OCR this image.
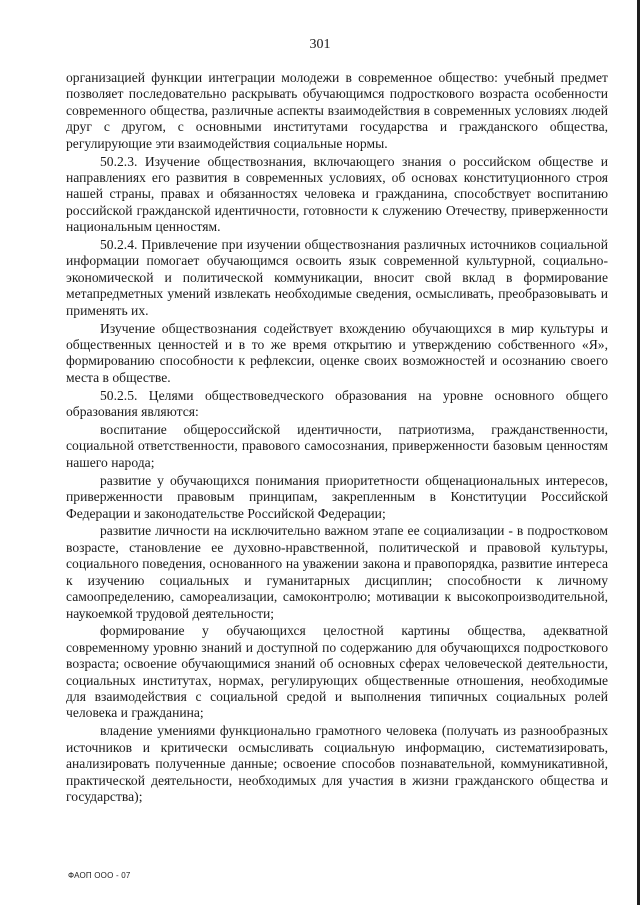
301

организацией функции интеграции молодежи в современное общество: учебный предмет позволяет последовательно раскрывать обучающимся подросткового возраста особенности современного общества, различные аспекты взаимодействия в современных условиях людей друг с другом, с основными институтами государства и гражданского общества, регулирующие эти взаимодействия социальные нормы.

50.2.3. Изучение обществознания, включающего знания о российском обществе и направлениях его развития в современных условиях, об основах конституционного строя нашей страны, правах и обязанностях человека и гражданина, способствует воспитанию российской гражданской идентичности, готовности к служению Отечеству, приверженности национальным ценностям.

50.2.4. Привлечение при изучении обществознания различных источников социальной информации помогает обучающимся освоить язык современной культурной, социально-экономической и политической коммуникации, вносит свой вклад в формирование метапредметных умений извлекать необходимые сведения, осмысливать, преобразовывать и применять их.

Изучение обществознания содействует вхождению обучающихся в мир культуры и общественных ценностей и в то же время открытию и утверждению собственного «Я», формированию способности к рефлексии, оценке своих возможностей и осознанию своего места в обществе.

50.2.5. Целями обществоведческого образования на уровне основного общего образования являются:

воспитание общероссийской идентичности, патриотизма, гражданственности, социальной ответственности, правового самосознания, приверженности базовым ценностям нашего народа;

развитие у обучающихся понимания приоритетности общенациональных интересов, приверженности правовым принципам, закрепленным в Конституции Российской Федерации и законодательстве Российской Федерации;

развитие личности на исключительно важном этапе ее социализации - в подростковом возрасте, становление ее духовно-нравственной, политической и правовой культуры, социального поведения, основанного на уважении закона и правопорядка, развитие интереса к изучению социальных и гуманитарных дисциплин; способности к личному самоопределению, самореализации, самоконтролю; мотивации к высокопроизводительной, наукоемкой трудовой деятельности;

формирование у обучающихся целостной картины общества, адекватной современному уровню знаний и доступной по содержанию для обучающихся подросткового возраста; освоение обучающимися знаний об основных сферах человеческой деятельности, социальных институтах, нормах, регулирующих общественные отношения, необходимые для взаимодействия с социальной средой и выполнения типичных социальных ролей человека и гражданина;

владение умениями функционально грамотного человека (получать из разнообразных источников и критически осмысливать социальную информацию, систематизировать, анализировать полученные данные; освоение способов познавательной, коммуникативной, практической деятельности, необходимых для участия в жизни гражданского общества и государства);

ФАОП ООО - 07
